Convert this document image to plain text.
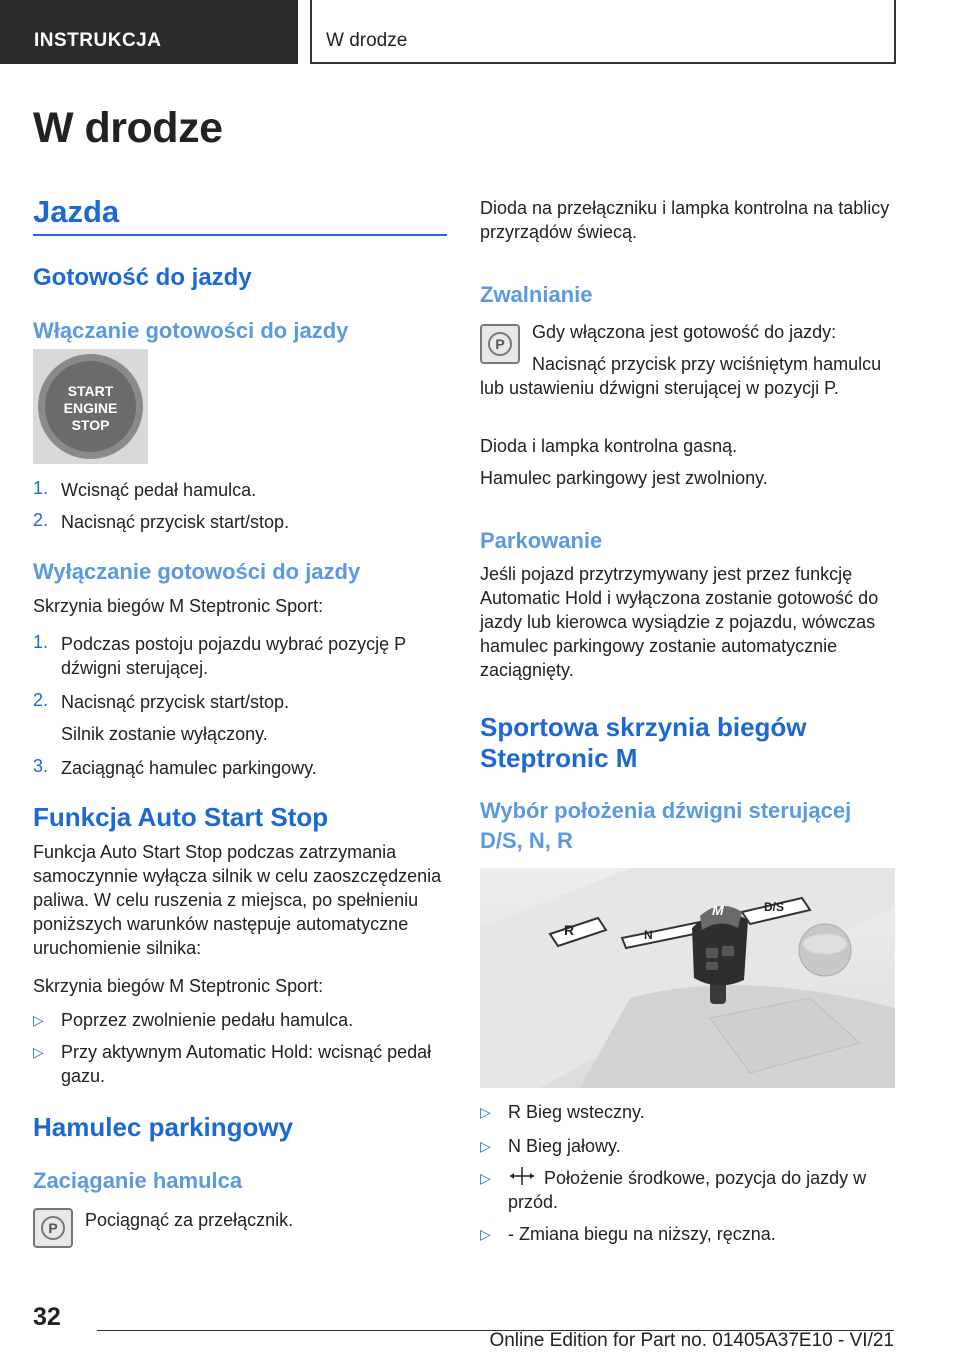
INSTRUKCJA	W drodze
W drodze
Jazda
Gotowość do jazdy
Włączanie gotowości do jazdy
START
ENGINE
STOP
1. Wcisnąć pedał hamulca.
2. Nacisnąć przycisk start/stop.
Wyłączanie gotowości do jazdy
Skrzynia biegów M Steptronic Sport:
1. Podczas postoju pojazdu wybrać pozycję P dźwigni sterującej.
2. Nacisnąć przycisk start/stop.
Silnik zostanie wyłączony.
3. Zaciągnąć hamulec parkingowy.
Funkcja Auto Start Stop
Funkcja Auto Start Stop podczas zatrzymania samoczynnie wyłącza silnik w celu zaoszczędzenia paliwa. W celu ruszenia z miejsca, po spełnieniu poniższych warunków następuje automatyczne uruchomienie silnika:
Skrzynia biegów M Steptronic Sport:
▷ Poprzez zwolnienie pedału hamulca.
▷ Przy aktywnym Automatic Hold: wcisnąć pedał gazu.
Hamulec parkingowy
Zaciąganie hamulca
P Pociągnąć za przełącznik.
Dioda na przełączniku i lampka kontrolna na tablicy przyrządów świecą.
Zwalnianie
P
Gdy włączona jest gotowość do jazdy:
Nacisnąć przycisk przy wciśniętym hamulcu lub ustawieniu dźwigni sterującej w pozycji P.
Dioda i lampka kontrolna gasną.
Hamulec parkingowy jest zwolniony.
Parkowanie
Jeśli pojazd przytrzymywany jest przez funkcję Automatic Hold i wyłączona zostanie gotowość do jazdy lub kierowca wysiądzie z pojazdu, wówczas hamulec parkingowy zostanie automatycznie zaciągnięty.
Sportowa skrzynia biegów Steptronic M
Wybór położenia dźwigni sterującej D/S, N, R
R	N
D/S
M
▷ R Bieg wsteczny.
▷ N Bieg jałowy.
▷	Położenie środkowe, pozycja do jazdy w przód.
▷ - Zmiana biegu na niższy, ręczna.
32
Online Edition for Part no. 01405A37E10 - VI/21
